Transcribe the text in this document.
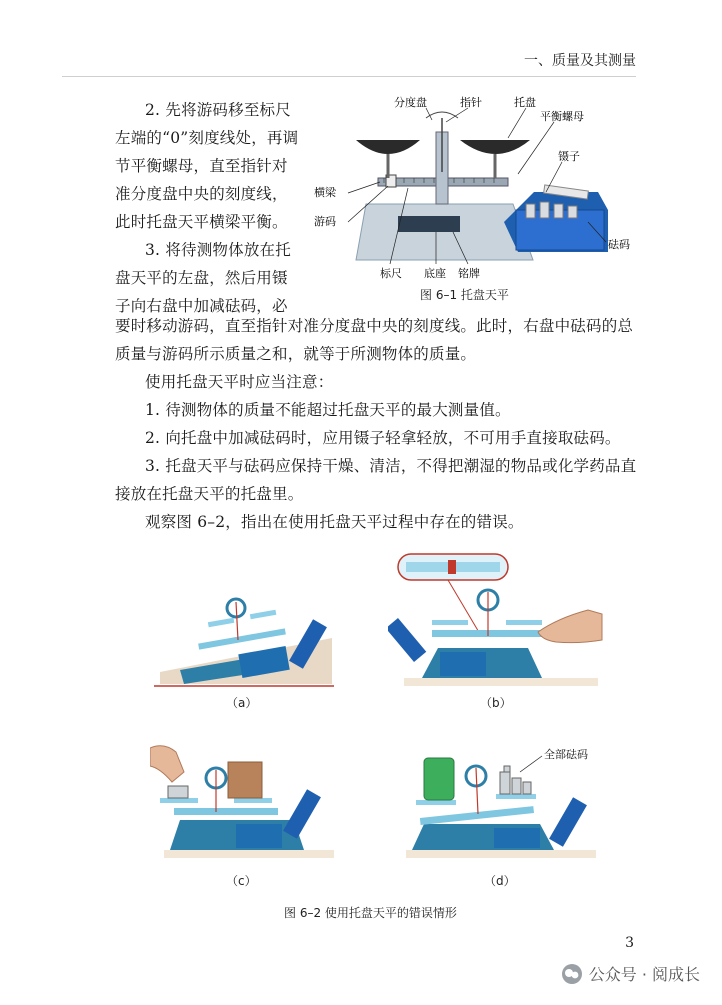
一、质量及其测量

2. 先将游码移至标尺左端的“0”刻度线处，再调节平衡螺母，直至指针对准分度盘中央的刻度线，此时托盘天平横梁平衡。

3. 将待测物体放在托盘天平的左盘，然后用镊子向右盘中加减砝码，必

分度盘	指针	托盘
平衡螺母
镊子
横梁
游码
砝码
标尺 底座 铭牌
图 6–1 托盘天平

要时移动游码，直至指针对准分度盘中央的刻度线。此时，右盘中砝码的总质量与游码所示质量之和，就等于所测物体的质量。

使用托盘天平时应当注意：

1. 待测物体的质量不能超过托盘天平的最大测量值。

2. 向托盘中加减砝码时，应用镊子轻拿轻放，不可用手直接取砝码。

3. 托盘天平与砝码应保持干燥、清洁，不得把潮湿的物品或化学药品直接放在托盘天平的托盘里。

观察图 6–2，指出在使用托盘天平过程中存在的错误。

（a）	（b）
（c）
全部砝码
（d）
图 6–2 使用托盘天平的错误情形
3
公众号 · 阅成长
